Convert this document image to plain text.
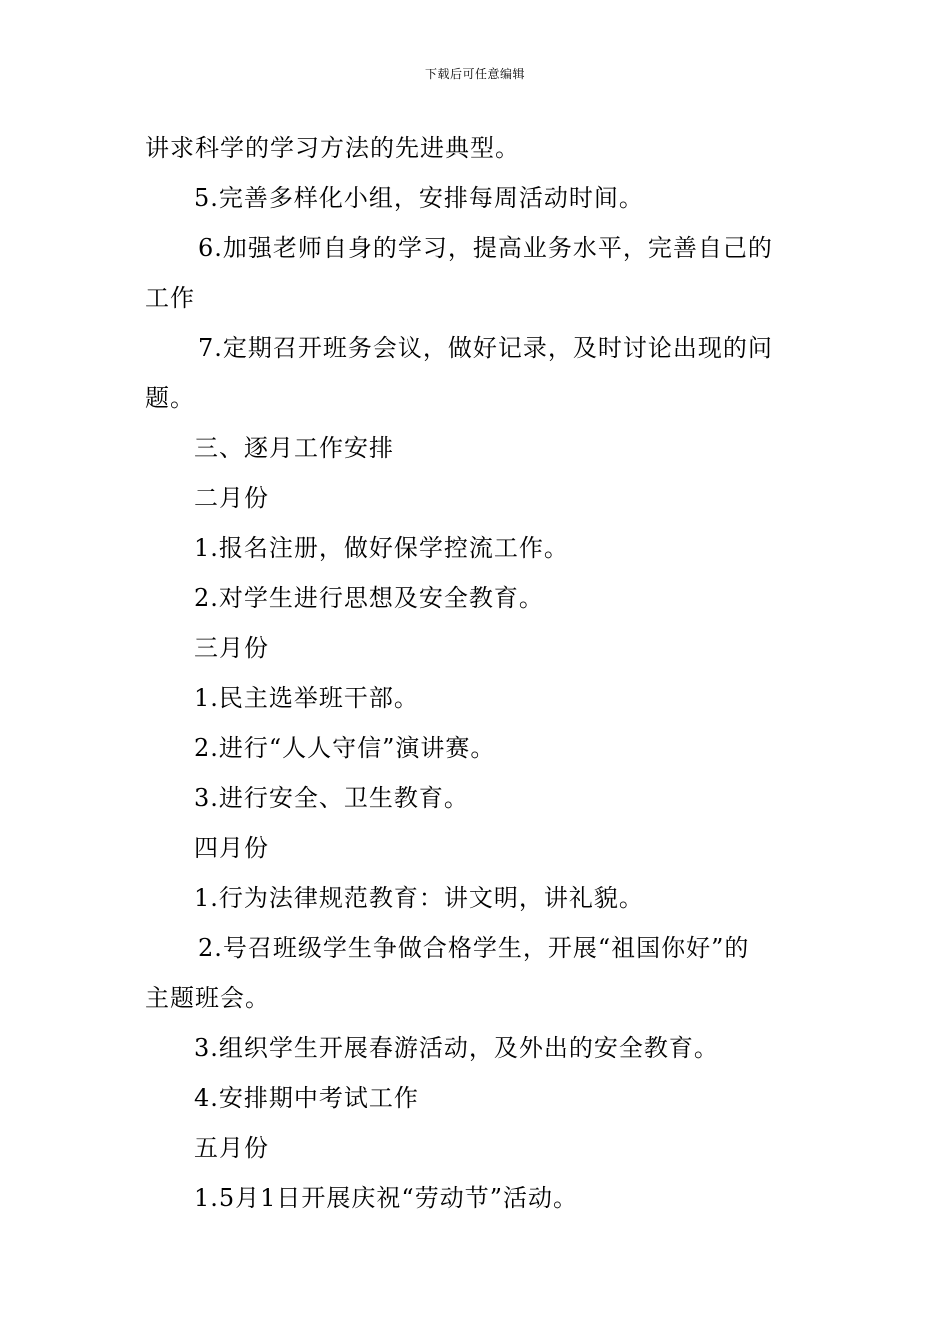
下载后可任意编辑
讲求科学的学习方法的先进典型。
5.完善多样化小组，安排每周活动时间。
6.加强老师自身的学习，提高业务水平，完善自己的
工作
7.定期召开班务会议，做好记录，及时讨论出现的问
题。
三、逐月工作安排
二月份
1.报名注册，做好保学控流工作。
2.对学生进行思想及安全教育。
三月份
1.民主选举班干部。
2.进行“人人守信”演讲赛。
3.进行安全、卫生教育。
四月份
1.行为法律规范教育：讲文明，讲礼貌。
2.号召班级学生争做合格学生，开展“祖国你好”的
主题班会。
3.组织学生开展春游活动，及外出的安全教育。
4.安排期中考试工作
五月份
1.5月1日开展庆祝“劳动节”活动。
